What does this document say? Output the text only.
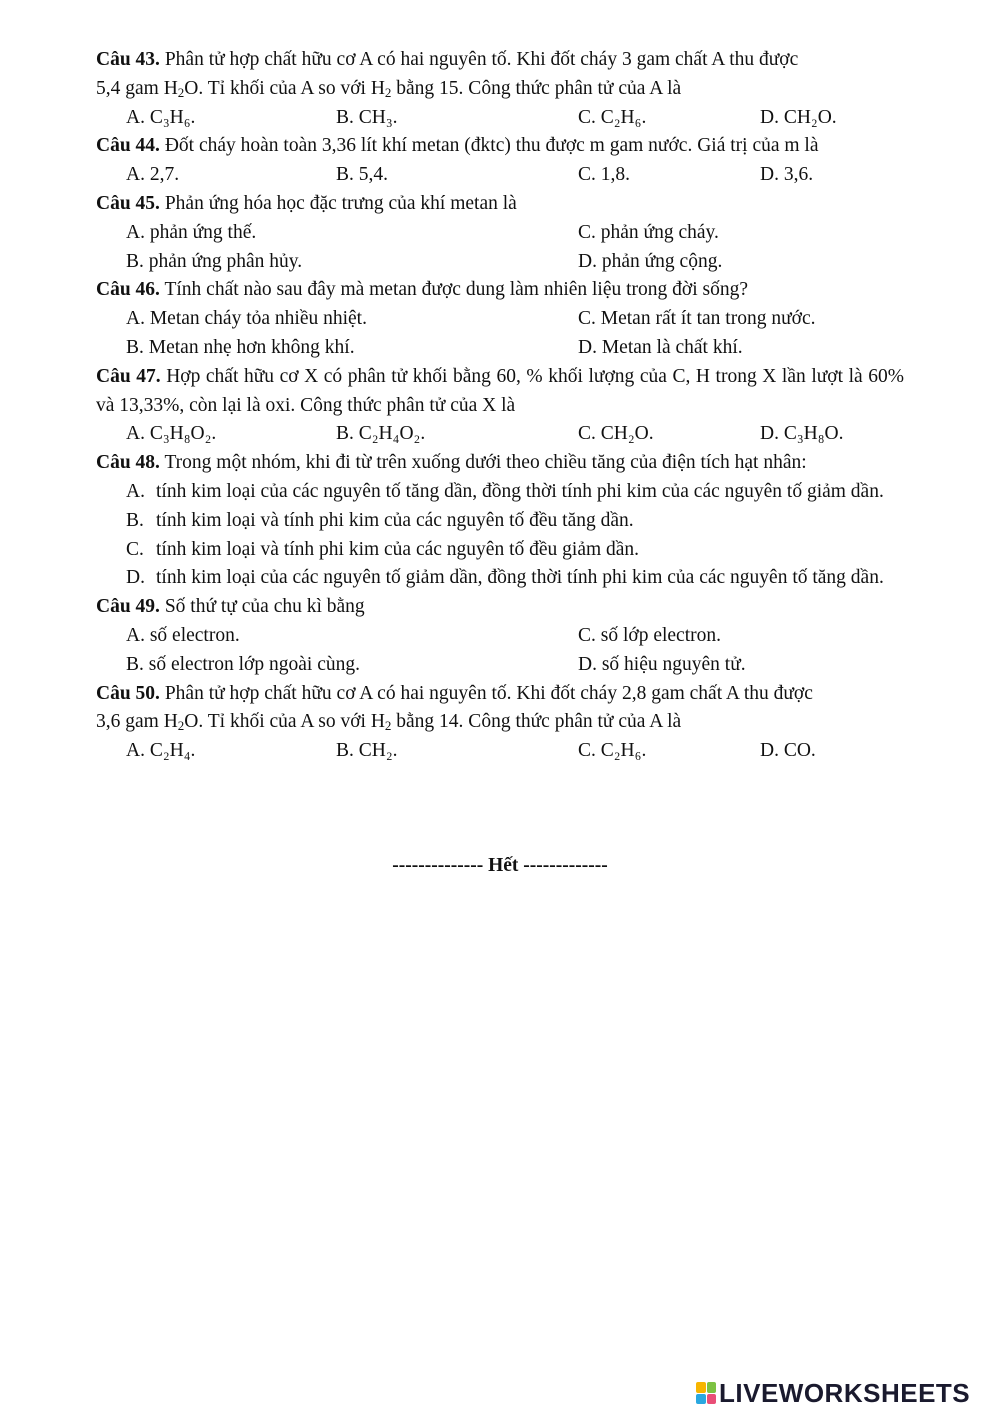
Câu 43. Phân tử hợp chất hữu cơ A có hai nguyên tố. Khi đốt cháy 3 gam chất A thu được
5,4 gam $H_2O$. Tỉ khối của A so với $H_2$ bằng 15. Công thức phân tử của A là
A. C₃H₆.	B. CH₃.	C. C₂H₆.	D. CH₂O.
Câu 44. Đốt cháy hoàn toàn 3,36 lít khí metan (đktc) thu được m gam nước. Giá trị của m là
A. 2,7.	B. 5,4.	C. 1,8.	D. 3,6.
Câu 45. Phản ứng hóa học đặc trưng của khí metan là
A. phản ứng thế.	C. phản ứng cháy.
B. phản ứng phân hủy.	D. phản ứng cộng.
Câu 46. Tính chất nào sau đây mà metan được dung làm nhiên liệu trong đời sống?
A. Metan cháy tỏa nhiều nhiệt.	C. Metan rất ít tan trong nước.
B. Metan nhẹ hơn không khí.	D. Metan là chất khí.
Câu 47. Hợp chất hữu cơ X có phân tử khối bằng 60, % khối lượng của C, H trong X lần lượt là 60% và 13,33%, còn lại là oxi. Công thức phân tử của X là
A. C₃H₈O₂.	B. C₂H₄O₂.	C. CH₂O.	D. C₃H₈O.
Câu 48. Trong một nhóm, khi đi từ trên xuống dưới theo chiều tăng của điện tích hạt nhân:
A. tính kim loại của các nguyên tố tăng dần, đồng thời tính phi kim của các nguyên tố giảm dần.
B. tính kim loại và tính phi kim của các nguyên tố đều tăng dần.
C. tính kim loại và tính phi kim của các nguyên tố đều giảm dần.
D. tính kim loại của các nguyên tố giảm dần, đồng thời tính phi kim của các nguyên tố tăng dần.
Câu 49. Số thứ tự của chu kì bằng
A. số electron.	C. số lớp electron.
B. số electron lớp ngoài cùng.	D. số hiệu nguyên tử.
Câu 50. Phân tử hợp chất hữu cơ A có hai nguyên tố. Khi đốt cháy 2,8 gam chất A thu được
3,6 gam $H_2O$. Tỉ khối của A so với $H_2$ bằng 14. Công thức phân tử của A là
A. C₂H₄.	B. CH₂.	C. C₂H₆.	D. CO.
-------------- Hết -------------
LIVEWORKSHEETS
